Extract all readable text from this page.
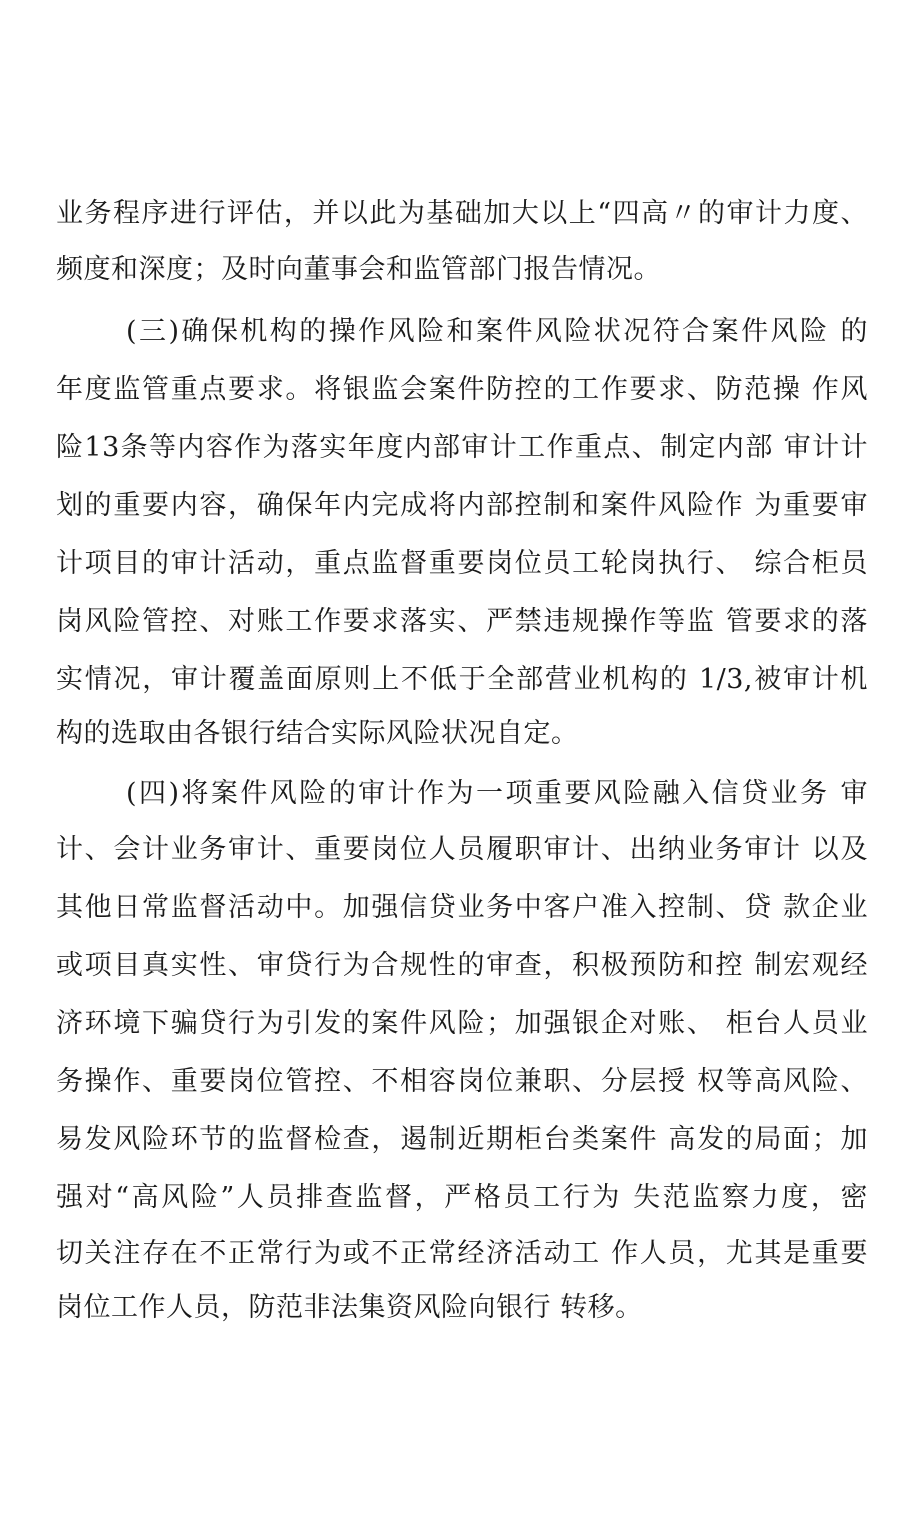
业务程序进行评估，并以此为基础加大以上“四高〃的审计力度、
频度和深度；及时向董事会和监管部门报告情况。
(三)确保机构的操作风险和案件风险状况符合案件风险 的
年度监管重点要求。将银监会案件防控的工作要求、防范操 作风
险13条等内容作为落实年度内部审计工作重点、制定内部 审计计
划的重要内容，确保年内完成将内部控制和案件风险作 为重要审
计项目的审计活动，重点监督重要岗位员工轮岗执行、 综合柜员
岗风险管控、对账工作要求落实、严禁违规操作等监 管要求的落
实情况，审计覆盖面原则上不低于全部营业机构的 1/3,被审计机
构的选取由各银行结合实际风险状况自定。
(四)将案件风险的审计作为一项重要风险融入信贷业务 审
计、会计业务审计、重要岗位人员履职审计、出纳业务审计 以及
其他日常监督活动中。加强信贷业务中客户准入控制、贷 款企业
或项目真实性、审贷行为合规性的审查，积极预防和控 制宏观经
济环境下骗贷行为引发的案件风险；加强银企对账、 柜台人员业
务操作、重要岗位管控、不相容岗位兼职、分层授 权等高风险、
易发风险环节的监督检查，遏制近期柜台类案件 高发的局面；加
强对“高风险”人员排查监督，严格员工行为 失范监察力度，密
切关注存在不正常行为或不正常经济活动工 作人员，尤其是重要
岗位工作人员，防范非法集资风险向银行 转移。
